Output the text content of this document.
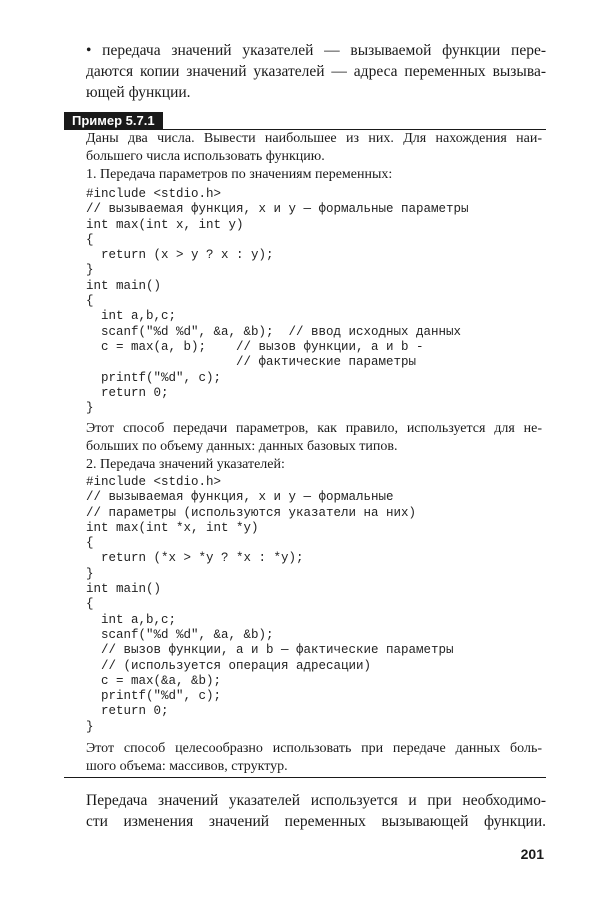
• передача значений указателей — вызываемой функции пере-
даются копии значений указателей — адреса переменных вызыва-
ющей функции.
Пример 5.7.1
Даны два числа. Вывести наибольшее из них. Для нахождения наи-
большего числа использовать функцию.
1. Передача параметров по значениям переменных:
#include <stdio.h>
// вызываемая функция, x и y — формальные параметры
int max(int x, int y)
{
return (x > y ? x : y);
}
int main()
{
int a,b,c;
scanf("%d %d", &a, &b);  // ввод исходных данных
c = max(a, b);    // вызов функции, a и b -
// фактические параметры
printf("%d", c);
return 0;
}

Этот способ передачи параметров, как правило, используется для не-
больших по объему данных: данных базовых типов.
2. Передача значений указателей:
#include <stdio.h>
// вызываемая функция, x и y — формальные
// параметры (используются указатели на них)
int max(int *x, int *y)
{
return (*x > *y ? *x : *y);
}
int main()
{
int a,b,c;
scanf("%d %d", &a, &b);
// вызов функции, a и b — фактические параметры
// (используется операция адресации)
c = max(&a, &b);
printf("%d", c);
return 0;
}

Этот способ целесообразно использовать при передаче данных боль-
шого объема: массивов, структур.
Передача значений указателей используется и при необходимо-
сти изменения значений переменных вызывающей функции.
201
